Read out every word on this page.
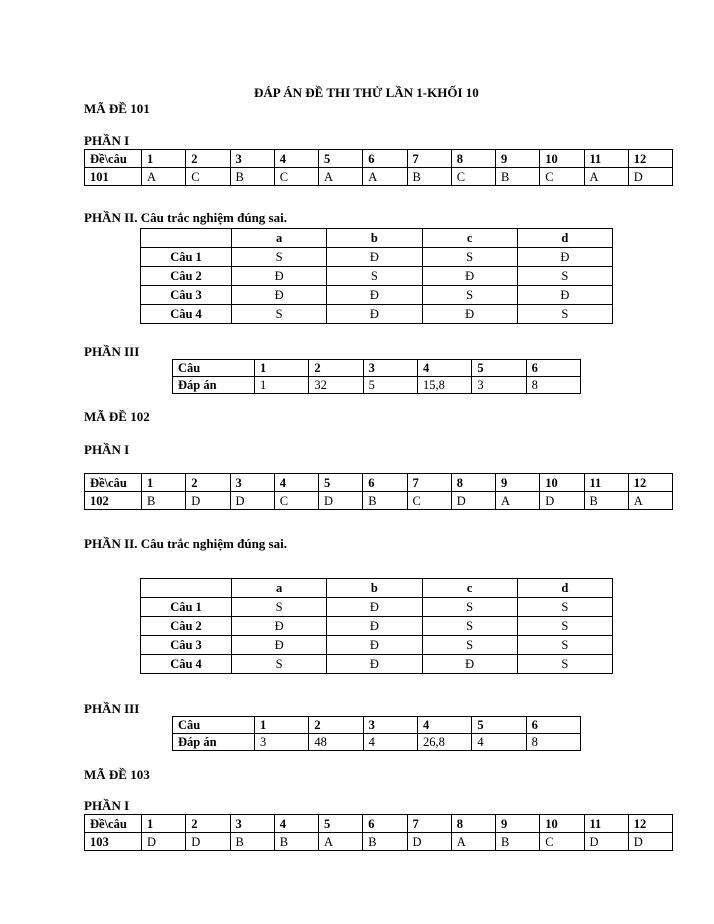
ĐÁP ÁN ĐỀ THI THỬ LẦN 1-KHỐI 10
MÃ ĐỀ 101
PHẦN I
Đề\câu	1	2	3	4	5	6	7	8	9	10	11	12
101	A	C	B	C	A	A	B	C	B	C	A	D
PHẦN II. Câu trắc nghiệm đúng sai.
	a	b	c	d
Câu 1	S	Đ	S	Đ
Câu 2	Đ	S	Đ	S
Câu 3	Đ	Đ	S	Đ
Câu 4	S	Đ	Đ	S
PHẦN III
Câu	1	2	3	4	5	6
Đáp án	1	32	5	15,8	3	8
MÃ ĐỀ 102
PHẦN I
Đề\câu	1	2	3	4	5	6	7	8	9	10	11	12
102	B	D	D	C	D	B	C	D	A	D	B	A
PHẦN II. Câu trắc nghiệm đúng sai.
	a	b	c	d
Câu 1	S	Đ	S	S
Câu 2	Đ	Đ	S	S
Câu 3	Đ	Đ	S	S
Câu 4	S	Đ	Đ	S
PHẦN III
Câu	1	2	3	4	5	6
Đáp án	3	48	4	26,8	4	8
MÃ ĐỀ 103
PHẦN I
Đề\câu	1	2	3	4	5	6	7	8	9	10	11	12
103	D	D	B	B	A	B	D	A	B	C	D	D
